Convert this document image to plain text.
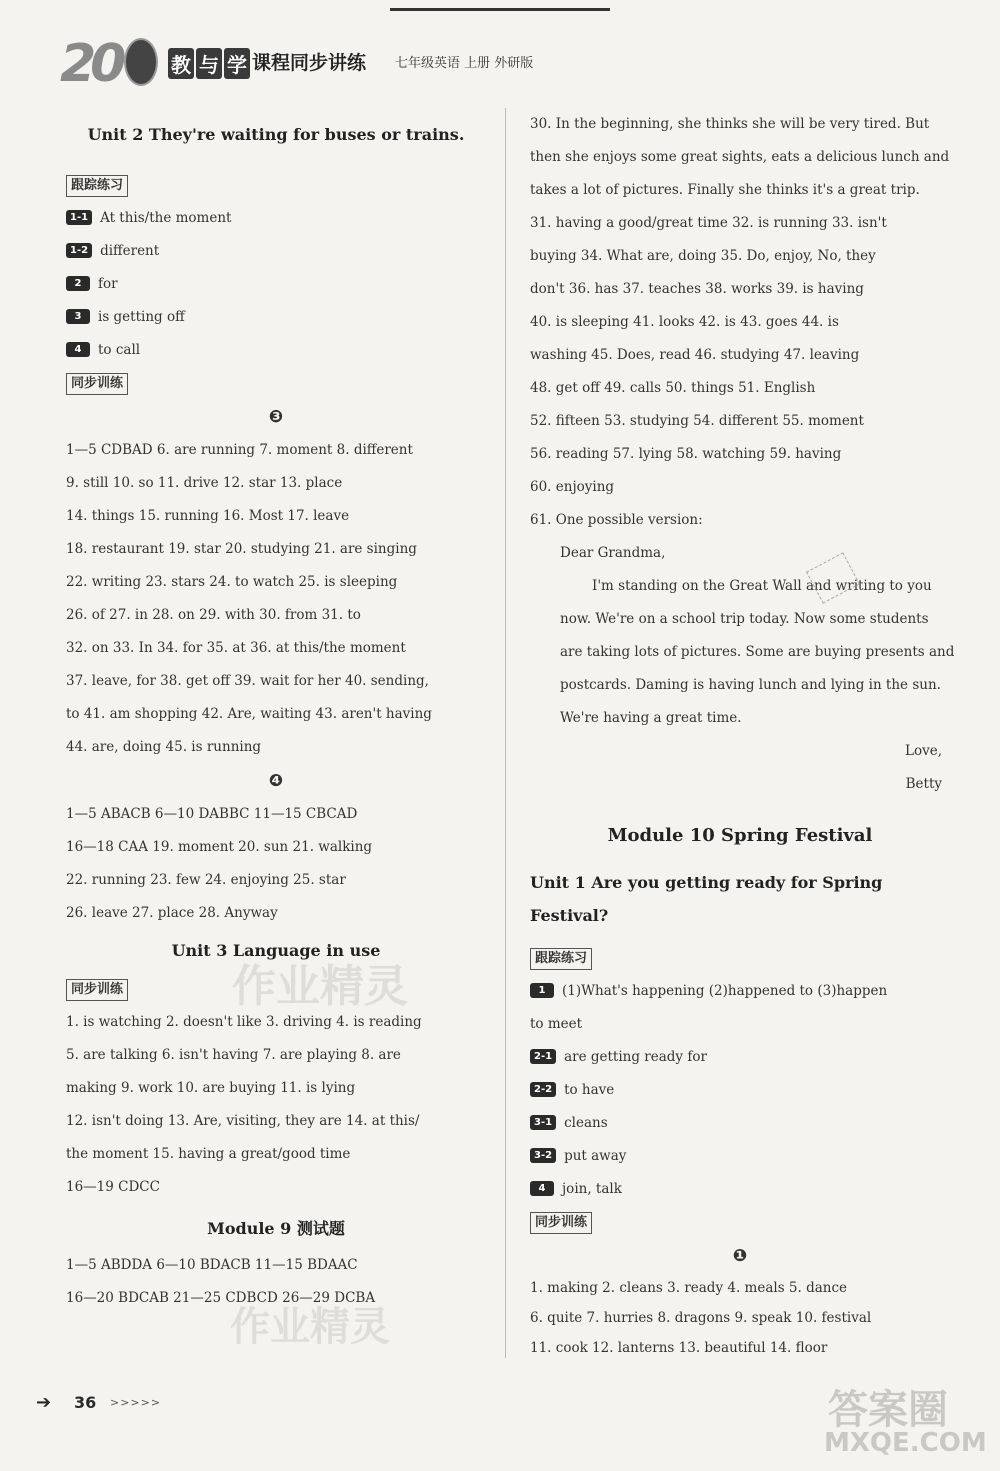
20	教 与 学 课程同步讲练 七年级英语 上册 外研版
Unit 2 They're waiting for buses or trains.
跟踪练习
1-1 At this/the moment
1-2 different
2 for
3 is getting off
4 to call
同步训练
❸
1—5 CDBAD 6. are running 7. moment 8. different
9. still 10. so 11. drive 12. star 13. place
14. things 15. running 16. Most 17. leave
18. restaurant 19. star 20. studying 21. are singing
22. writing 23. stars 24. to watch 25. is sleeping
26. of 27. in 28. on 29. with 30. from 31. to
32. on 33. In 34. for 35. at 36. at this/the moment
37. leave, for 38. get off 39. wait for her 40. sending,
to 41. am shopping 42. Are, waiting 43. aren't having
44. are, doing 45. is running
❹
1—5 ABACB 6—10 DABBC 11—15 CBCAD
16—18 CAA 19. moment 20. sun 21. walking
22. running 23. few 24. enjoying 25. star
26. leave 27. place 28. Anyway
Unit 3 Language in use
同步训练
1. is watching 2. doesn't like 3. driving 4. is reading
5. are talking 6. isn't having 7. are playing 8. are
making 9. work 10. are buying 11. is lying
12. isn't doing 13. Are, visiting, they are 14. at this/
the moment 15. having a great/good time
16—19 CDCC
Module 9 测试题
1—5 ABDDA 6—10 BDACB 11—15 BDAAC
16—20 BDCAB 21—25 CDBCD 26—29 DCBA
30. In the beginning, she thinks she will be very tired. But
then she enjoys some great sights, eats a delicious lunch and
takes a lot of pictures. Finally she thinks it's a great trip.
31. having a good/great time 32. is running 33. isn't
buying 34. What are, doing 35. Do, enjoy, No, they
don't 36. has 37. teaches 38. works 39. is having
40. is sleeping 41. looks 42. is 43. goes 44. is
washing 45. Does, read 46. studying 47. leaving
48. get off 49. calls 50. things 51. English
52. fifteen 53. studying 54. different 55. moment
56. reading 57. lying 58. watching 59. having
60. enjoying
61. One possible version:
Dear Grandma,
I'm standing on the Great Wall and writing to you
now. We're on a school trip today. Now some students
are taking lots of pictures. Some are buying presents and
postcards. Daming is having lunch and lying in the sun.
We're having a great time.
Love,
Betty
Module 10 Spring Festival
Unit 1 Are you getting ready for Spring Festival?
跟踪练习
1 (1)What's happening (2)happened to (3)happen
to meet
2-1 are getting ready for
2-2 to have
3-1 cleans
3-2 put away
4 join, talk
同步训练
❶
1. making 2. cleans 3. ready 4. meals 5. dance
6. quite 7. hurries 8. dragons 9. speak 10. festival
11. cook 12. lanterns 13. beautiful 14. floor
作业精灵
作业精灵
答案圈
MXQE.COM
➔ 36 >>>>>
